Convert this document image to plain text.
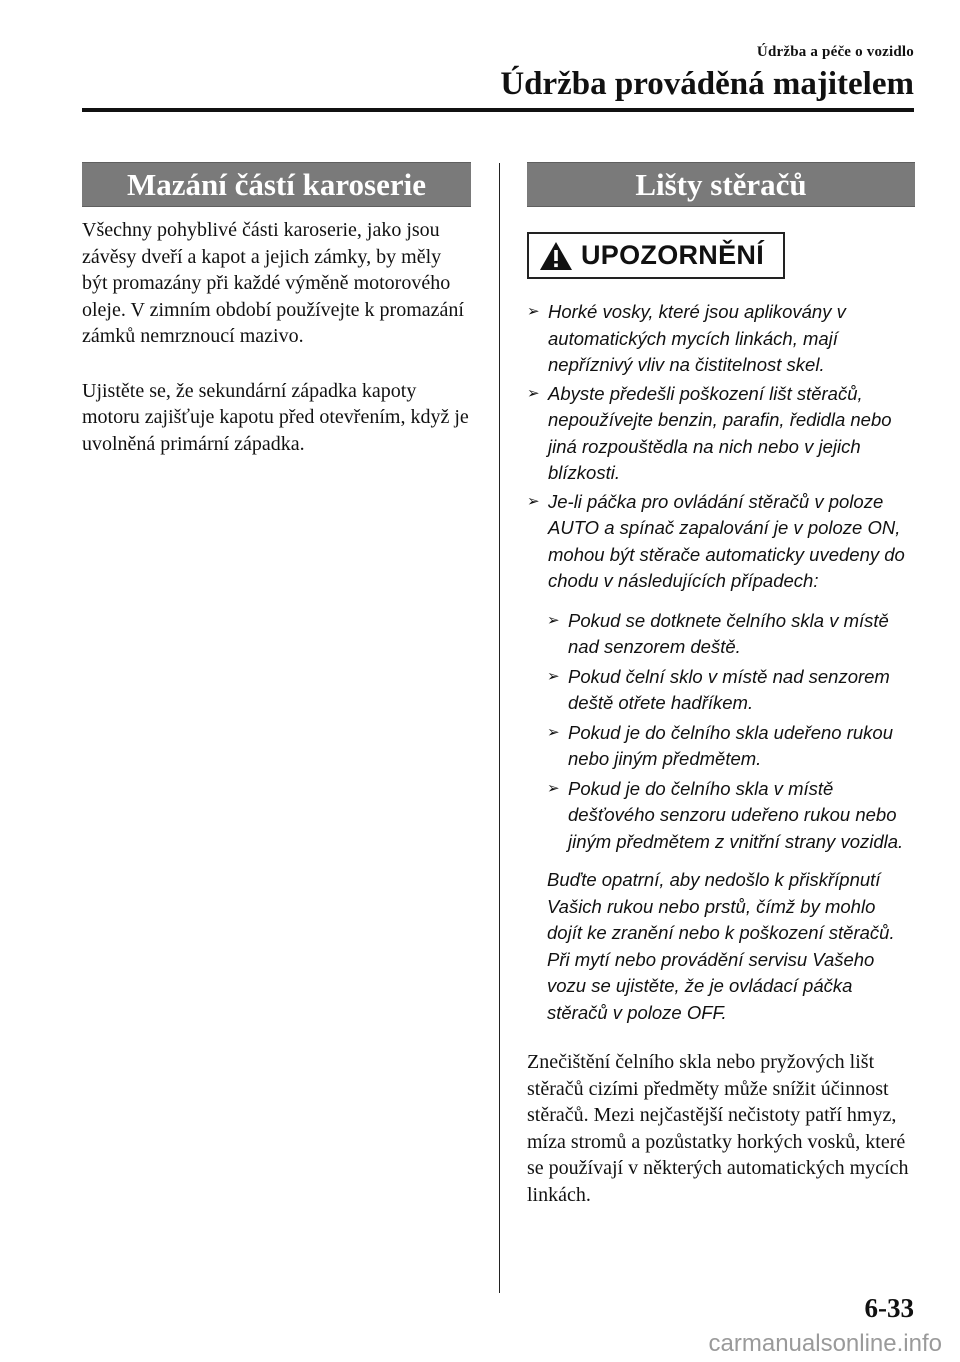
Údržba a péče o vozidlo
Údržba prováděná majitelem
Mazání částí karoserie

Všechny pohyblivé části karoserie, jako jsou závěsy dveří a kapot a jejich zámky, by měly být promazány při každé výměně motorového oleje. V zimním období používejte k promazání zámků nemrznoucí mazivo.

Ujistěte se, že sekundární západka kapoty motoru zajišťuje kapotu před otevřením, když je uvolněná primární západka.

Lišty stěračů
UPOZORNĚNÍ
➢ Horké vosky, které jsou aplikovány v automatických mycích linkách, mají nepříznivý vliv na čistitelnost skel.
➢ Abyste předešli poškození lišt stěračů, nepoužívejte benzin, parafin, ředidla nebo jiná rozpouštědla na nich nebo v jejich blízkosti.
➢ Je-li páčka pro ovládání stěračů v poloze AUTO a spínač zapalování je v poloze ON, mohou být stěrače automaticky uvedeny do chodu v následujících případech:
➢ Pokud se dotknete čelního skla v místě nad senzorem deště.
➢ Pokud čelní sklo v místě nad senzorem deště otřete hadříkem.
➢ Pokud je do čelního skla udeřeno rukou nebo jiným předmětem.
➢ Pokud je do čelního skla v místě dešťového senzoru udeřeno rukou nebo jiným předmětem z vnitřní strany vozidla.

Buďte opatrní, aby nedošlo k přiskřípnutí Vašich rukou nebo prstů, čímž by mohlo dojít ke zranění nebo k poškození stěračů. Při mytí nebo provádění servisu Vašeho vozu se ujistěte, že je ovládací páčka stěračů v poloze OFF.

Znečištění čelního skla nebo pryžových lišt stěračů cizími předměty může snížit účinnost stěračů. Mezi nejčastější nečistoty patří hmyz, míza stromů a pozůstatky horkých vosků, které se používají v některých automatických mycích linkách.

6-33
carmanualsonline.info
